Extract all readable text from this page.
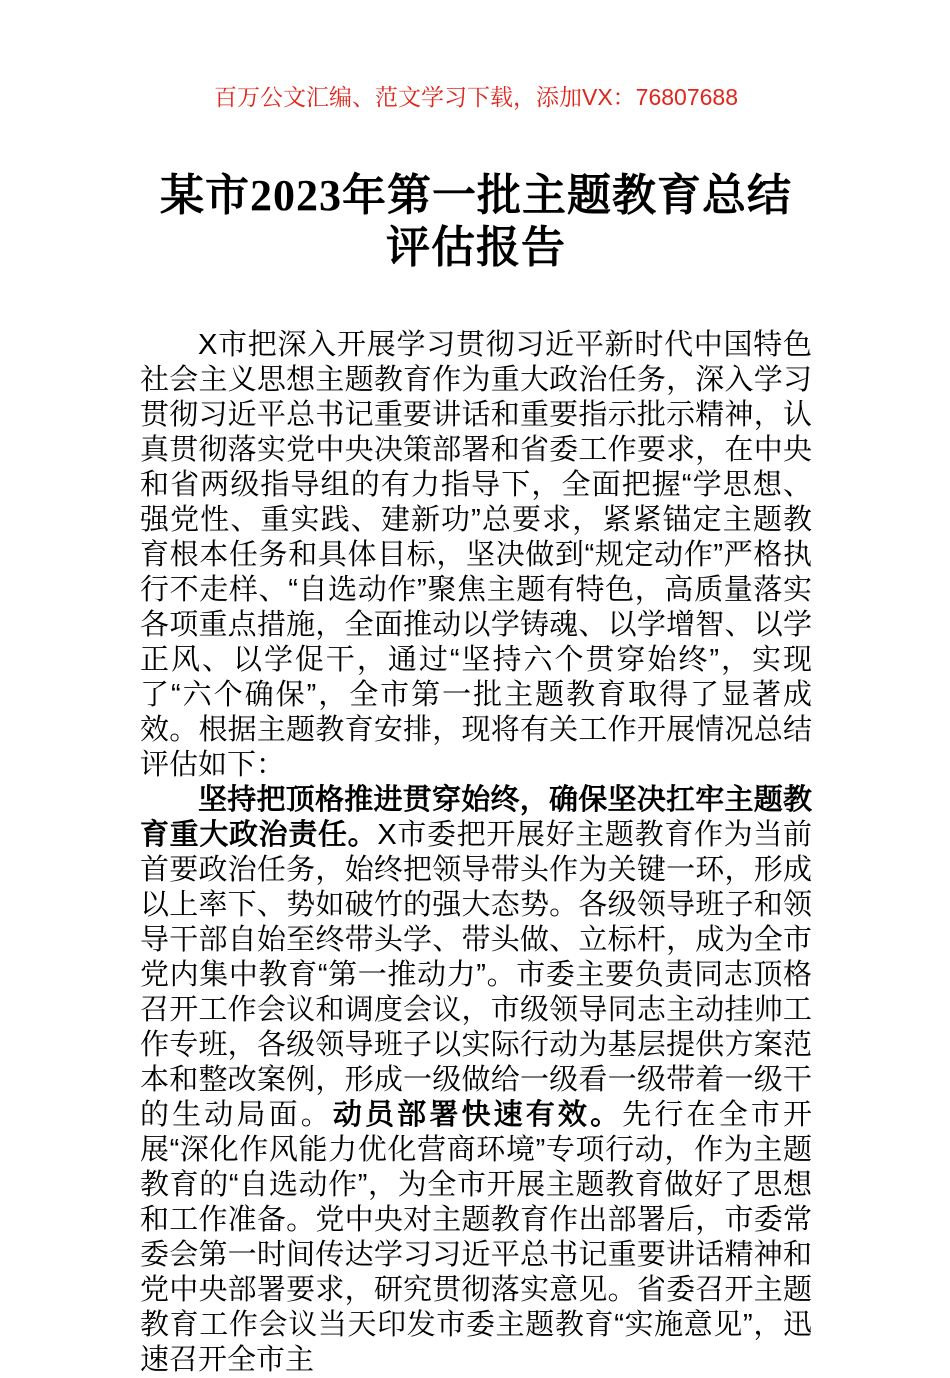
百万公文汇编、范文学习下载，添加VX：76807688
某市2023年第一批主题教育总结评估报告

X市把深入开展学习贯彻习近平新时代中国特色社会主义思想主题教育作为重大政治任务，深入学习贯彻习近平总书记重要讲话和重要指示批示精神，认真贯彻落实党中央决策部署和省委工作要求，在中央和省两级指导组的有力指导下，全面把握“学思想、强党性、重实践、建新功”总要求，紧紧锚定主题教育根本任务和具体目标，坚决做到“规定动作”严格执行不走样、“自选动作”聚焦主题有特色，高质量落实各项重点措施，全面推动以学铸魂、以学增智、以学正风、以学促干，通过“坚持六个贯穿始终”，实现了“六个确保”，全市第一批主题教育取得了显著成效。根据主题教育安排，现将有关工作开展情况总结评估如下：

坚持把顶格推进贯穿始终，确保坚决扛牢主题教育重大政治责任。X市委把开展好主题教育作为当前首要政治任务，始终把领导带头作为关键一环，形成以上率下、势如破竹的强大态势。各级领导班子和领导干部自始至终带头学、带头做、立标杆，成为全市党内集中教育“第一推动力”。市委主要负责同志顶格召开工作会议和调度会议，市级领导同志主动挂帅工作专班，各级领导班子以实际行动为基层提供方案范本和整改案例，形成一级做给一级看一级带着一级干的生动局面。动员部署快速有效。先行在全市开展“深化作风能力优化营商环境”专项行动，作为主题教育的“自选动作”，为全市开展主题教育做好了思想和工作准备。党中央对主题教育作出部署后，市委常委会第一时间传达学习习近平总书记重要讲话精神和党中央部署要求，研究贯彻落实意见。省委召开主题教育工作会议当天印发市委主题教育“实施意见”，迅速召开全市主
